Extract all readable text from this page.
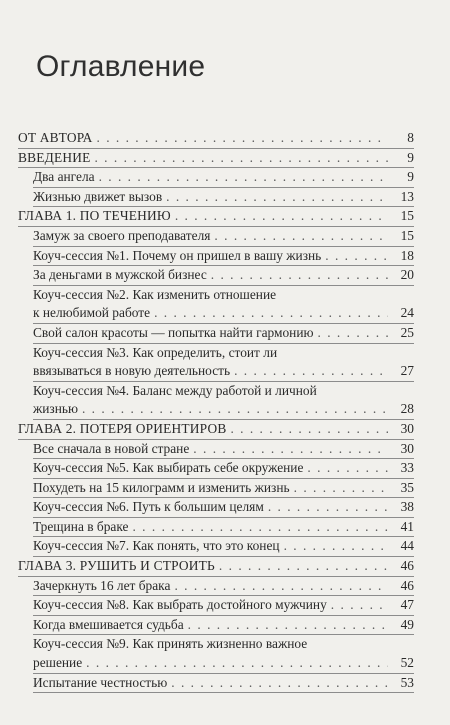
Оглавление
ОТ АВТОРА . . .	8
ВВЕДЕНИЕ . . .	9
Два ангела . . .	9
Жизнью движет вызов . . .	13
ГЛАВА 1. ПО ТЕЧЕНИЮ . . .	15
Замуж за своего преподавателя . . .	15
Коуч-сессия №1. Почему он пришел в вашу жизнь . . .	18
За деньгами в мужской бизнес . . .	20
Коуч-сессия №2. Как изменить отношение
к нелюбимой работе . . .	24
Свой салон красоты — попытка найти гармонию . . .	25
Коуч-сессия №3. Как определить, стоит ли
ввязываться в новую деятельность . . .	27
Коуч-сессия №4. Баланс между работой и личной
жизнью . . .	28
ГЛАВА 2. ПОТЕРЯ ОРИЕНТИРОВ . . .	30
Все сначала в новой стране . . .	30
Коуч-сессия №5. Как выбирать себе окружение . . .	33
Похудеть на 15 килограмм и изменить жизнь . . .	35
Коуч-сессия №6. Путь к большим целям . . .	38
Трещина в браке . . .	41
Коуч-сессия №7. Как понять, что это конец . . .	44
ГЛАВА 3. РУШИТЬ И СТРОИТЬ . . .	46
Зачеркнуть 16 лет брака . . .	46
Коуч-сессия №8. Как выбрать достойного мужчину . . .	47
Когда вмешивается судьба . . .	49
Коуч-сессия №9. Как принять жизненно важное
решение . . .	52
Испытание честностью . . .	53
